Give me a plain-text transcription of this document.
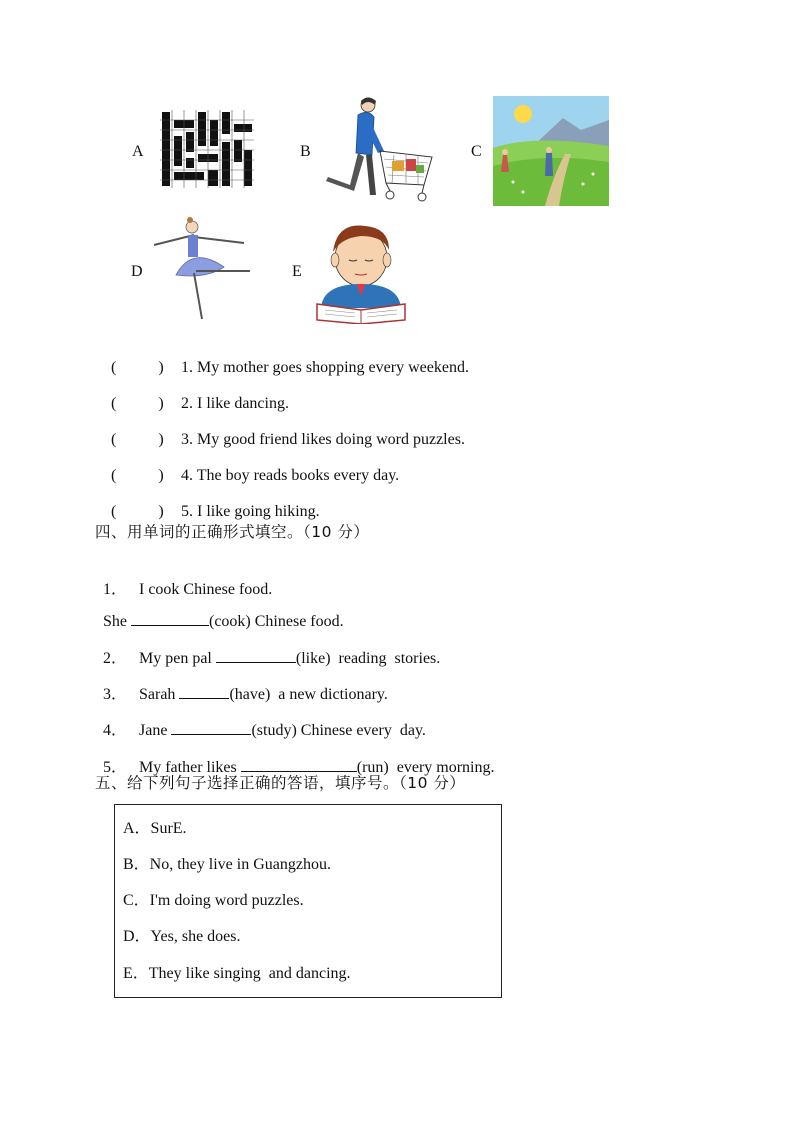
A	B	C
D	E

(	) 1. My mother goes shopping every weekend.

(	) 2. I like dancing.

(	) 3. My good friend likes doing word puzzles.

(	) 4. The boy reads books every day.

(	) 5. I like going hiking.

四、用单词的正确形式填空。（10 分）

1． I cook Chinese food.

She	(cook) Chinese food.

2． My pen pal	(like)  reading  stories.

3． Sarah	(have)  a new dictionary.

4． Jane	(study) Chinese every  day.

5． My father likes	(run)  every morning.

五、给下列句子选择正确的答语，填序号。（10 分）
A．SurE.
B．No, they live in Guangzhou.
C．I'm doing word puzzles.
D．Yes, she does.
E．They like singing  and dancing.
